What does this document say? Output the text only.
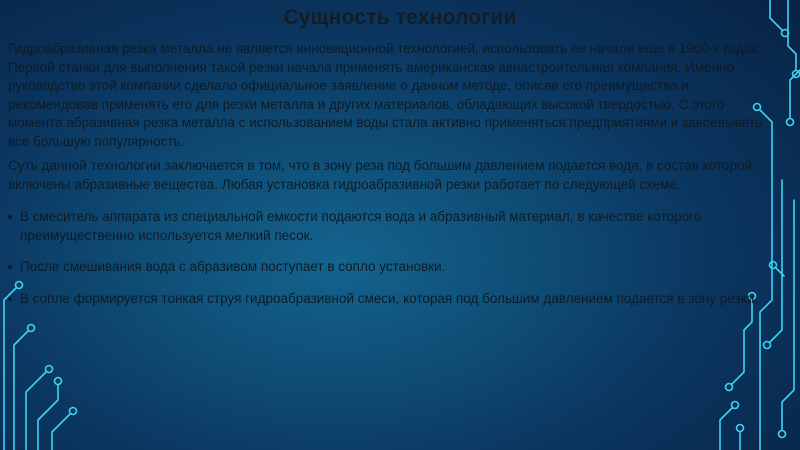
Сущность технологии

Гидроабразивная резка металла не является инновационной технологией, использовать ее начали еще в 1960-х годах. Первой станки для выполнения такой резки начала применять американская авиастроительная компания. Именно руководство этой компании сделало официальное заявление о данном методе, описав его преимущества и рекомендовав применять его для резки металла и других материалов, обладающих высокой твердостью. С этого момента абразивная резка металла с использованием воды стала активно применяться предприятиями и завоевывать все большую популярность.

Суть данной технологии заключается в том, что в зону реза под большим давлением подается вода, в состав которой включены абразивные вещества. Любая установка гидроабразивной резки работает по следующей схеме.

В смеситель аппарата из специальной емкости подаются вода и абразивный материал, в качестве которого преимущественно используется мелкий песок.
После смешивания вода с абразивом поступает в сопло установки.
В сопле формируется тонкая струя гидроабразивной смеси, которая под большим давлением подается в зону резки.
